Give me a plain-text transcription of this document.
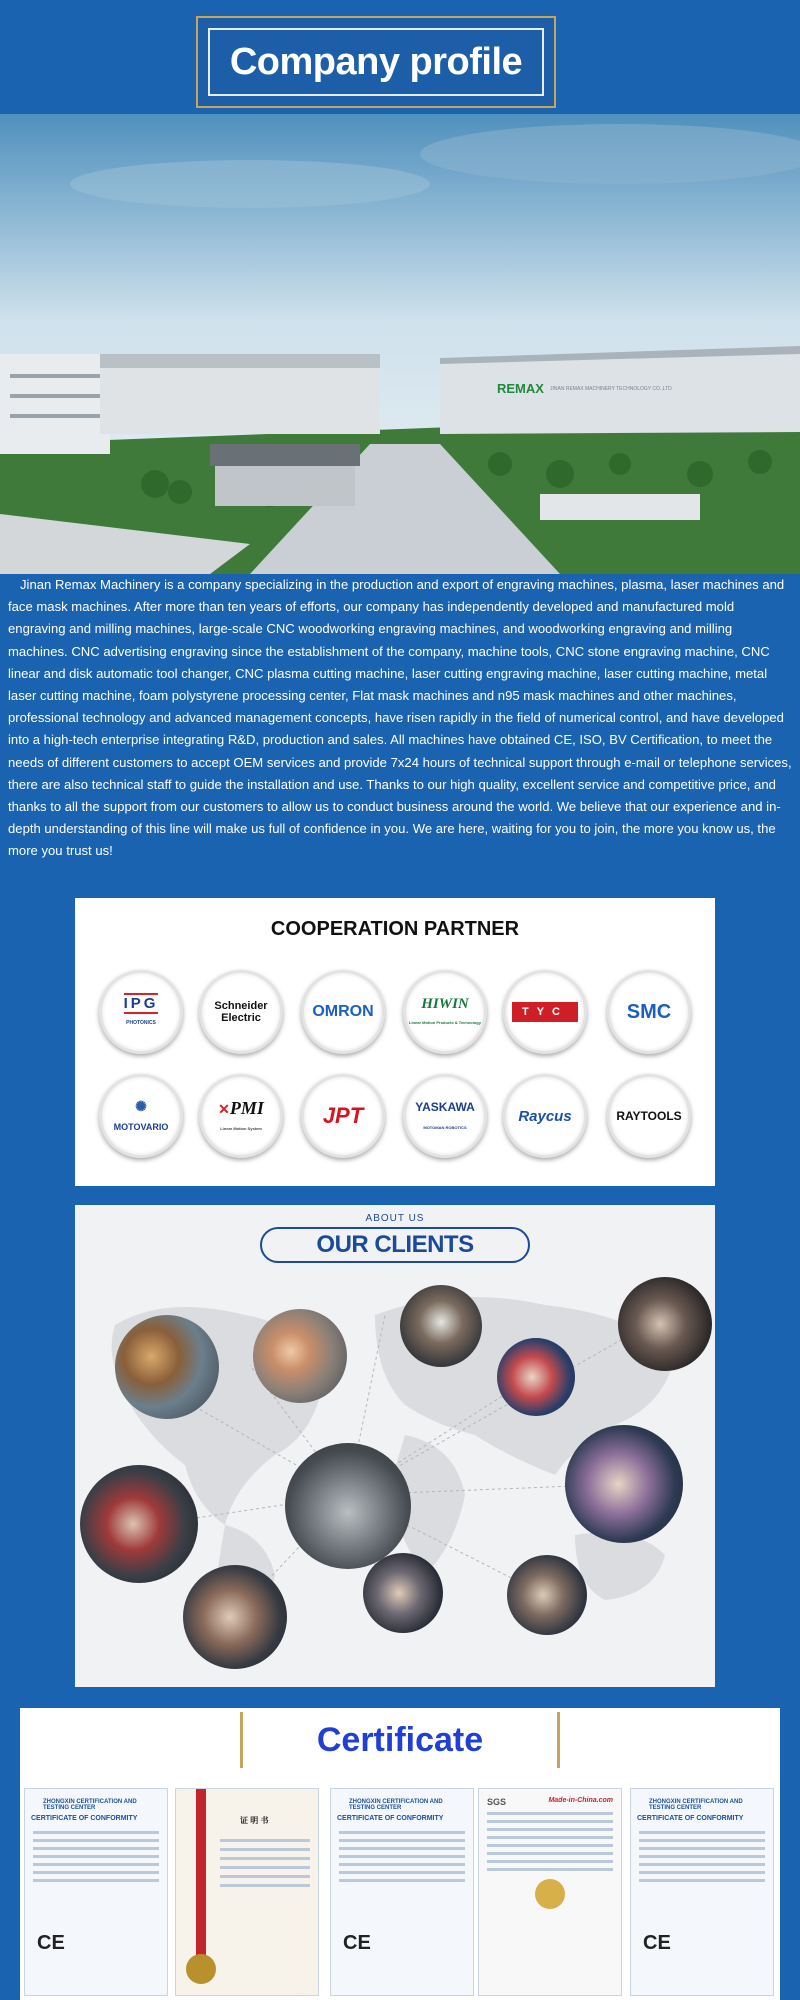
Company profile
REMAX JINAN REMAX MACHINERY TECHNOLOGY CO.,LTD

Jinan Remax Machinery is a company specializing in the production and export of engraving machines, plasma, laser machines and face mask machines. After more than ten years of efforts, our company has independently developed and manufactured mold engraving and milling machines, large-scale CNC woodworking engraving machines, and woodworking engraving and milling machines. CNC advertising engraving since the establishment of the company, machine tools, CNC stone engraving machine, CNC linear and disk automatic tool changer, CNC plasma cutting machine, laser cutting engraving machine, laser cutting machine, metal laser cutting machine, foam polystyrene processing center, Flat mask machines and n95 mask machines and other machines, professional technology and advanced management concepts, have risen rapidly in the field of numerical control, and have developed into a high-tech enterprise integrating R&D, production and sales. All machines have obtained CE, ISO, BV Certification, to meet the needs of different customers to accept OEM services and provide 7x24 hours of technical support through e-mail or telephone services, there are also technical staff to guide the installation and use. Thanks to our high quality, excellent service and competitive price, and thanks to all the support from our customers to allow us to conduct business around the world. We believe that our experience and in-depth understanding of this line will make us full of confidence in you. We are here, waiting for you to join, the more you know us, the more you trust us!

COOPERATION PARTNER
IPG
PHOTONICS
Schneider Electric	OMRON	HIWIN
Linear Motion Products & Technology
TYC	SMC
✺
MOTOVARIO
✕PMI
Linear Motion System	JPT	YASKAWA
MOTOMAN ROBOTICS
Raycus	RAYTOOLS
ABOUT US
OUR CLIENTS
Certificate
ZHONGXIN CERTIFICATION AND TESTING CENTER
CERTIFICATE OF CONFORMITY
CE
证 明 书
ZHONGXIN CERTIFICATION AND TESTING CENTER
CERTIFICATE OF CONFORMITY
CE
SGS	Made-in-China.com	ZHONGXIN CERTIFICATION AND TESTING CENTER
CERTIFICATE OF CONFORMITY
CE
